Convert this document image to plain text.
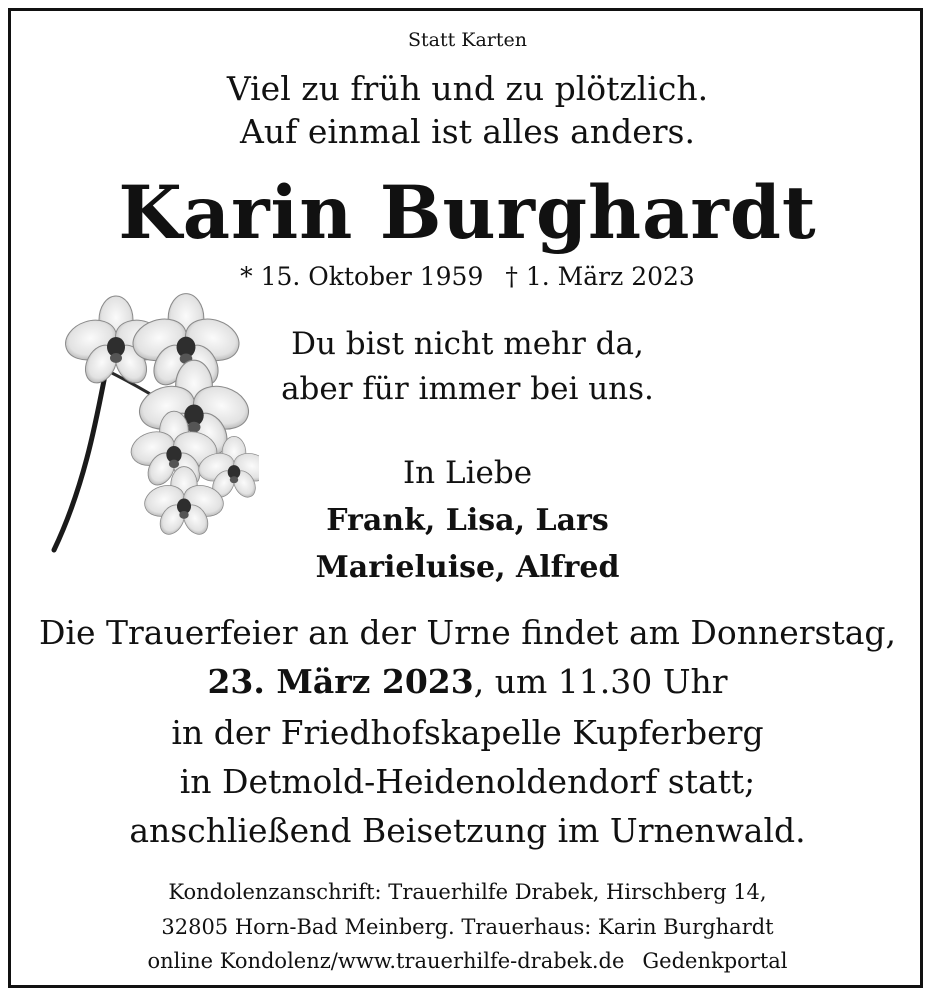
Statt Karten

Viel zu früh und zu plötzlich.

Auf einmal ist alles anders.

Karin Burghardt

* 15. Oktober 1959 † 1. März 2023

Du bist nicht mehr da,

aber für immer bei uns.

In Liebe

Frank, Lisa, Lars

Marieluise, Alfred

Die Trauerfeier an der Urne findet am Donnerstag,

23. März 2023, um 11.30 Uhr

in der Friedhofskapelle Kupferberg

in Detmold-Heidenoldendorf statt;

anschließend Beisetzung im Urnenwald.

Kondolenzanschrift: Trauerhilfe Drabek, Hirschberg 14,

32805 Horn-Bad Meinberg. Trauerhaus: Karin Burghardt

online Kondolenz/www.trauerhilfe-drabek.de Gedenkportal
